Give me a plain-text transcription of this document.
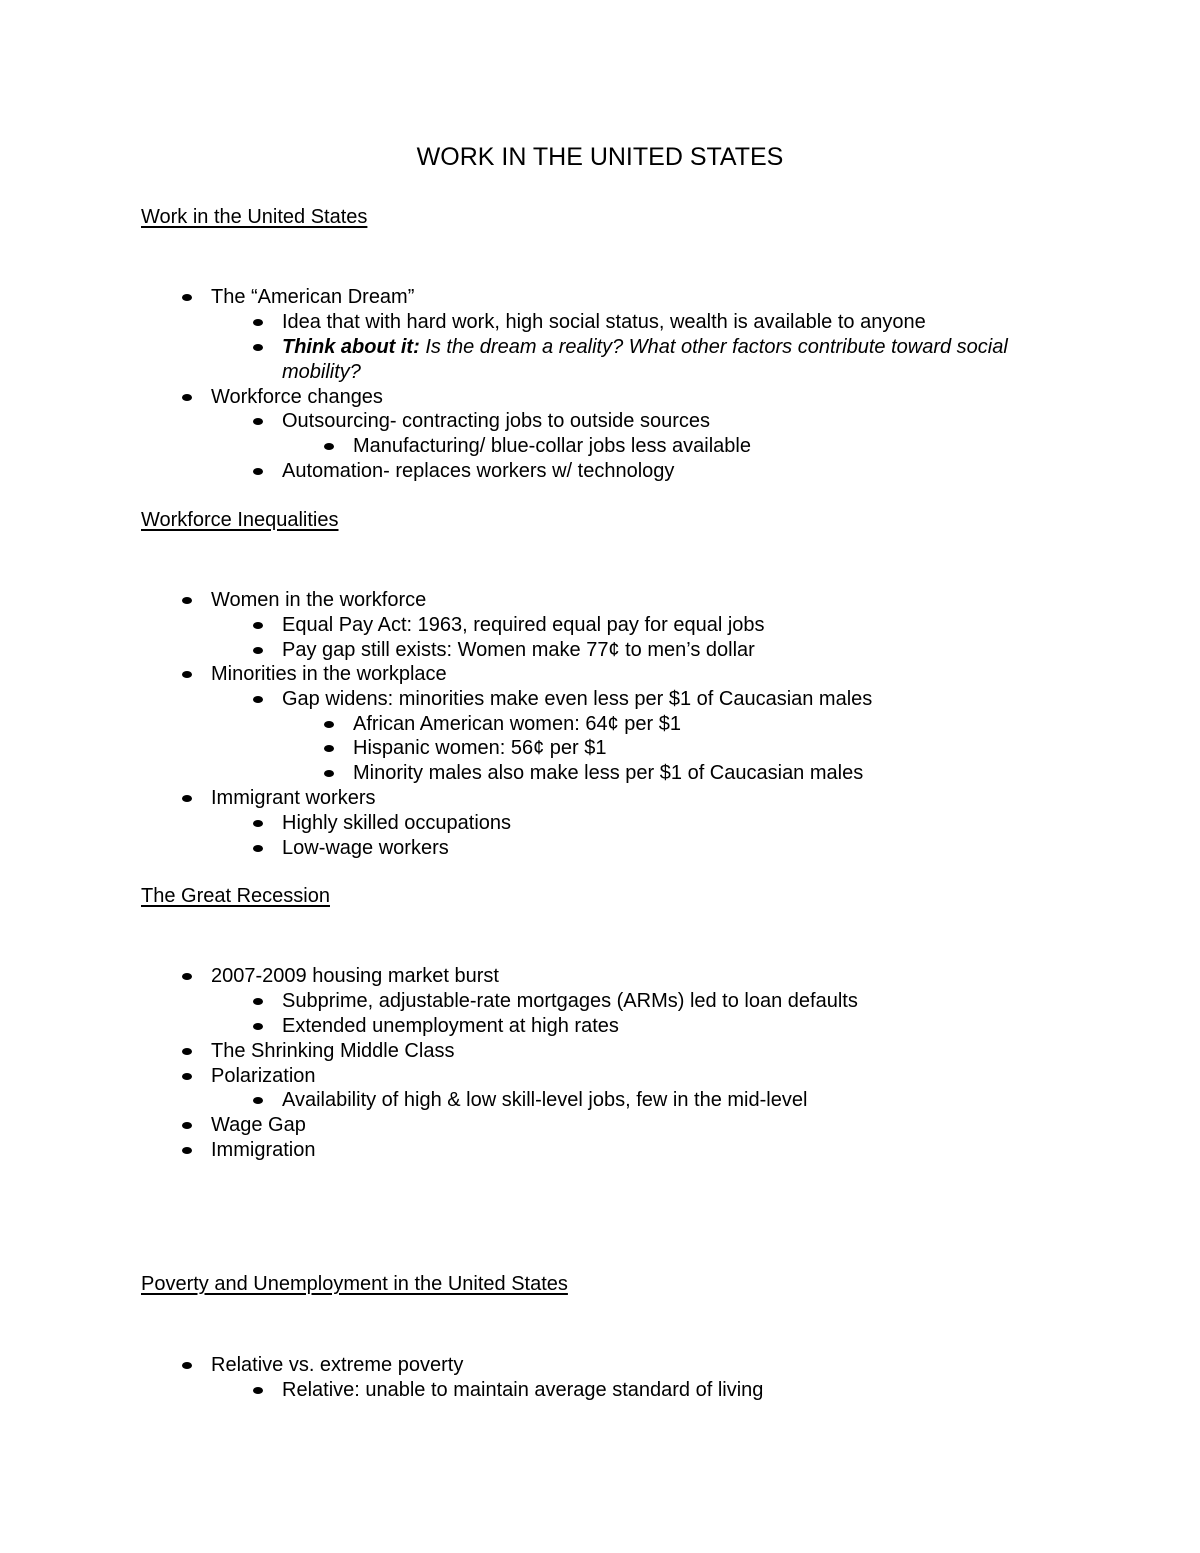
WORK IN THE UNITED STATES
Work in the United States
The “American Dream”
Idea that with hard work, high social status, wealth is available to anyone
Think about it: Is the dream a reality? What other factors contribute toward social mobility?
Workforce changes
Outsourcing- contracting jobs to outside sources
Manufacturing/ blue-collar jobs less available
Automation- replaces workers w/ technology
Workforce Inequalities
Women in the workforce
Equal Pay Act: 1963, required equal pay for equal jobs
Pay gap still exists: Women make 77¢ to men’s dollar
Minorities in the workplace
Gap widens: minorities make even less per $1 of Caucasian males
African American women: 64¢ per $1
Hispanic women: 56¢ per $1
Minority males also make less per $1 of Caucasian males
Immigrant workers
Highly skilled occupations
Low-wage workers
The Great Recession
2007-2009 housing market burst
Subprime, adjustable-rate mortgages (ARMs) led to loan defaults
Extended unemployment at high rates
The Shrinking Middle Class
Polarization
Availability of high & low skill-level jobs, few in the mid-level
Wage Gap
Immigration
Poverty and Unemployment in the United States
Relative vs. extreme poverty
Relative: unable to maintain average standard of living
